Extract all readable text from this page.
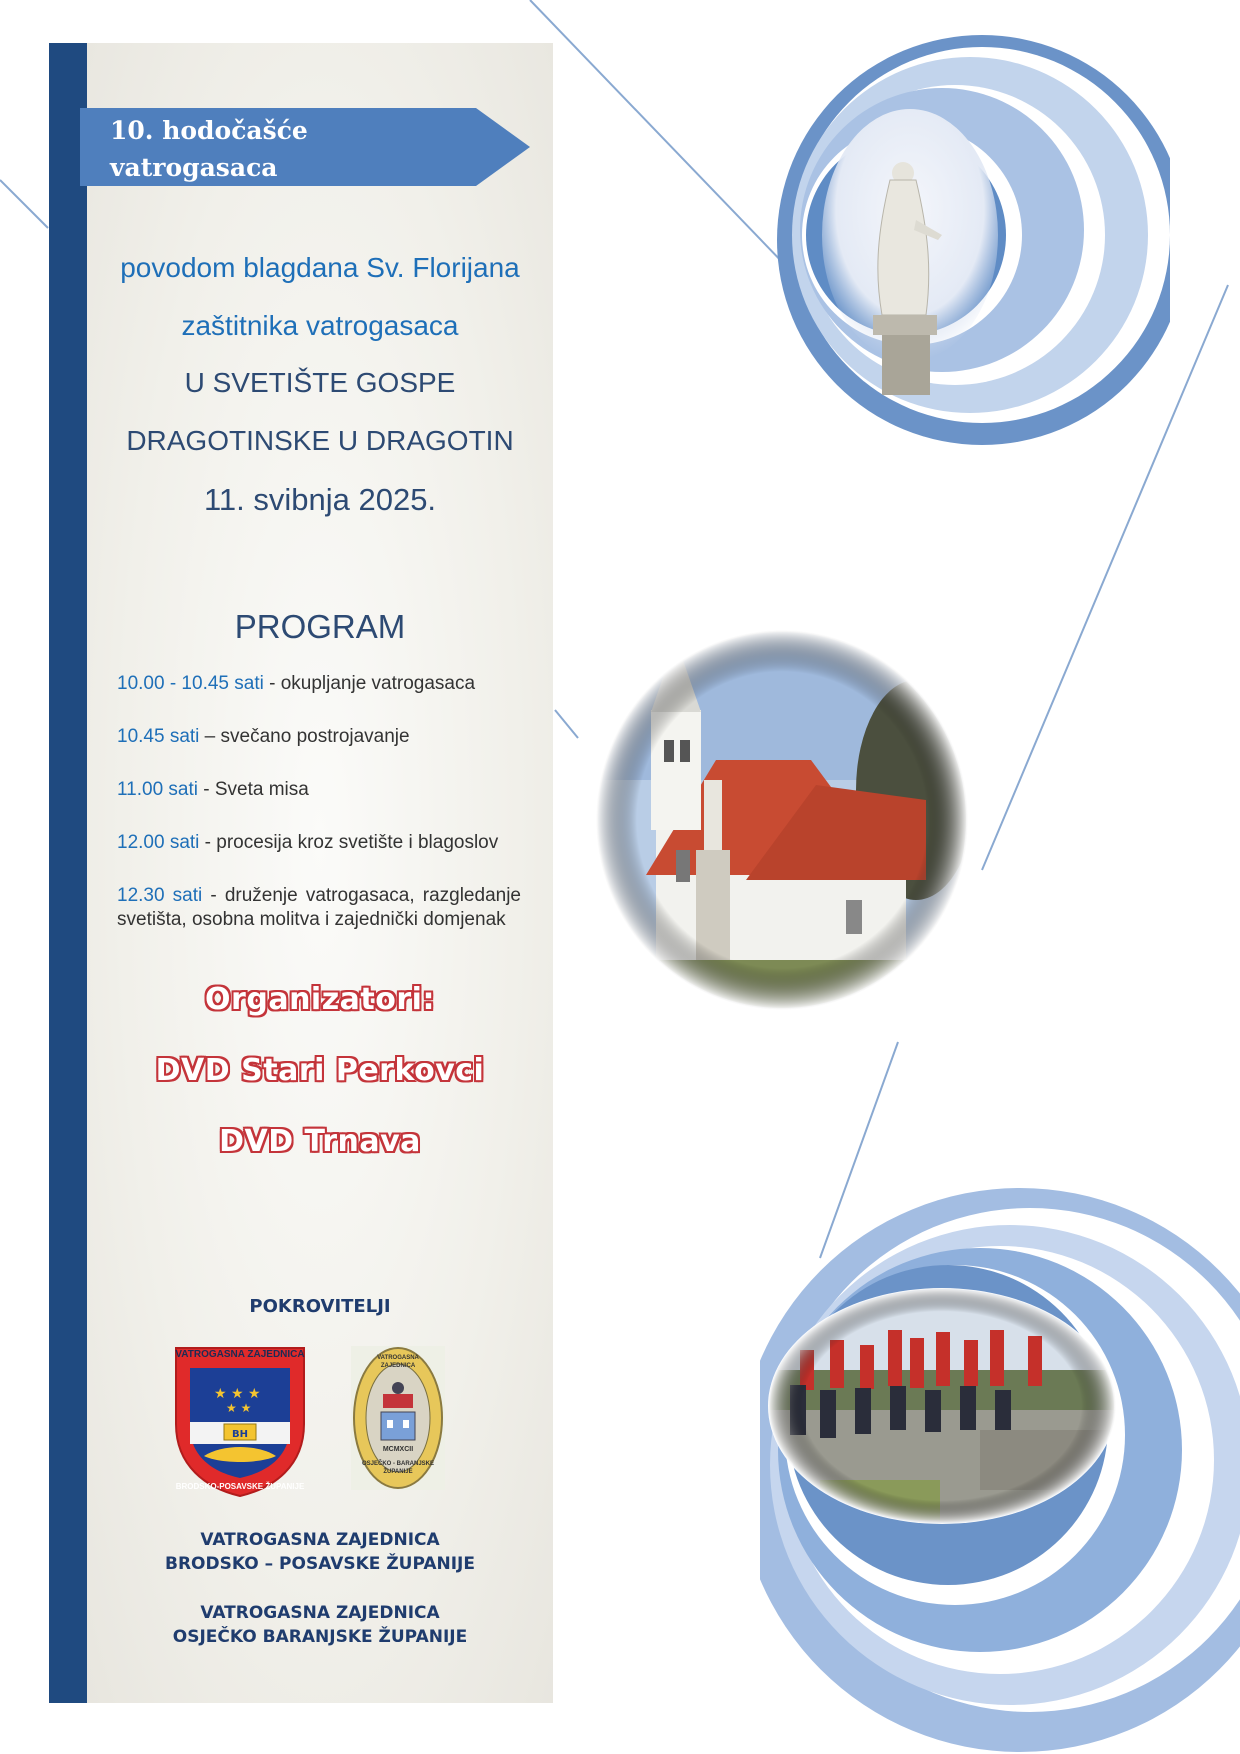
10. hodočašće
vatrogasaca
povodom blagdana Sv. Florijana
zaštitnika vatrogasaca
U SVETIŠTE GOSPE
DRAGOTINSKE U DRAGOTIN
11. svibnja 2025.
PROGRAM
10.00 - 10.45 sati - okupljanje vatrogasaca
10.45 sati – svečano postrojavanje
11.00 sati - Sveta misa
12.00 sati - procesija kroz svetište i blagoslov
12.30 sati - druženje vatrogasaca, razgledanje svetišta, osobna molitva i zajednički domjenak
Organizatori:
DVD Stari Perkovci
DVD Trnava
POKROVITELJI
★ ★ ★
★ ★
BH
VATROGASNA ZAJEDNICA
BRODSKO-POSAVSKE ŽUPANIJE
VATROGASNA ZAJEDNICA
MCMXCII
OSJEČKO - BARANJSKE ŽUPANIJE
VATROGASNA ZAJEDNICA
BRODSKO – POSAVSKE ŽUPANIJE
VATROGASNA ZAJEDNICA
OSJEČKO BARANJSKE ŽUPANIJE
